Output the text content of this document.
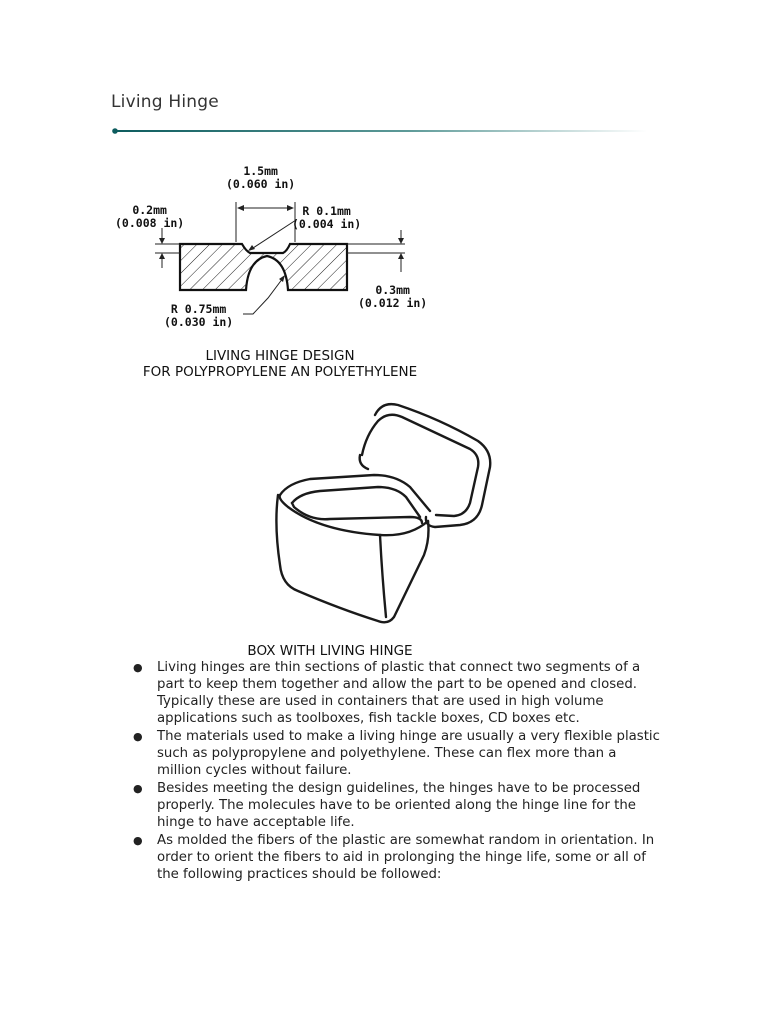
Living Hinge
1.5mm
(0.060 in)
0.2mm
(0.008 in)
R 0.1mm
(0.004 in)
0.3mm
(0.012 in)
R 0.75mm
(0.030 in)
LIVING HINGE DESIGN
FOR POLYPROPYLENE AN POLYETHYLENE
BOX WITH LIVING HINGE
● Living hinges are thin sections of plastic that connect two segments of a part to keep them together and allow the part to be opened and closed. Typically these are used in containers that are used in high volume applications such as toolboxes, fish tackle boxes, CD boxes etc.
● The materials used to make a living hinge are usually a very flexible plastic such as polypropylene and polyethylene. These can flex more than a million cycles without failure.
● Besides meeting the design guidelines, the hinges have to be processed properly. The molecules have to be oriented along the hinge line for the hinge to have acceptable life.
● As molded the fibers of the plastic are somewhat random in orientation. In order to orient the fibers to aid in prolonging the hinge life, some or all of the following practices should be followed:
